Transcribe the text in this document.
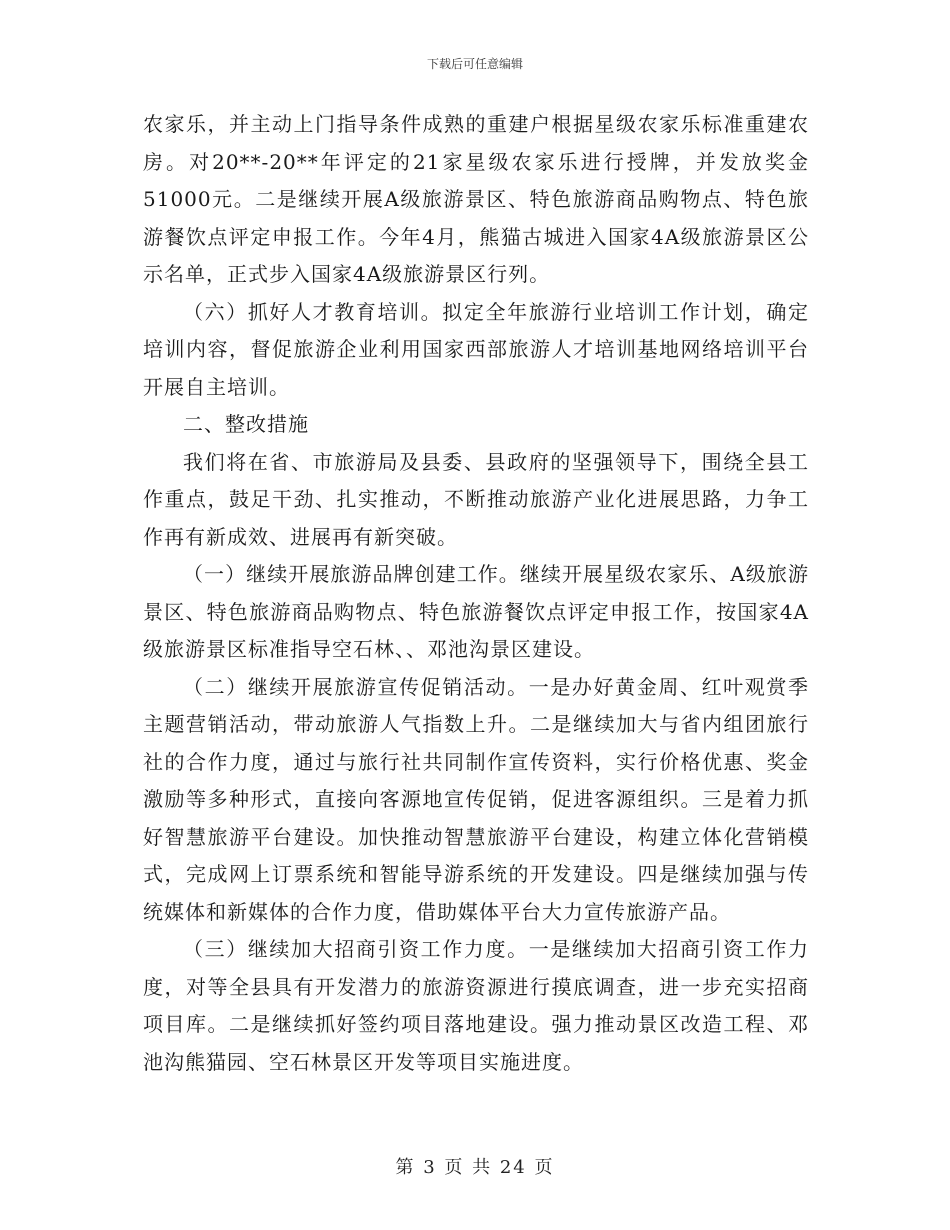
下载后可任意编辑

农家乐，并主动上门指导条件成熟的重建户根据星级农家乐标准重建农房。对20**-20**年评定的21家星级农家乐进行授牌，并发放奖金51000元。二是继续开展A级旅游景区、特色旅游商品购物点、特色旅游餐饮点评定申报工作。今年4月，熊猫古城进入国家4A级旅游景区公示名单，正式步入国家4A级旅游景区行列。

（六）抓好人才教育培训。拟定全年旅游行业培训工作计划，确定培训内容，督促旅游企业利用国家西部旅游人才培训基地网络培训平台开展自主培训。

二、整改措施

我们将在省、市旅游局及县委、县政府的坚强领导下，围绕全县工作重点，鼓足干劲、扎实推动，不断推动旅游产业化进展思路，力争工作再有新成效、进展再有新突破。

（一）继续开展旅游品牌创建工作。继续开展星级农家乐、A级旅游景区、特色旅游商品购物点、特色旅游餐饮点评定申报工作，按国家4A级旅游景区标准指导空石林、、邓池沟景区建设。

（二）继续开展旅游宣传促销活动。一是办好黄金周、红叶观赏季主题营销活动，带动旅游人气指数上升。二是继续加大与省内组团旅行社的合作力度，通过与旅行社共同制作宣传资料，实行价格优惠、奖金激励等多种形式，直接向客源地宣传促销，促进客源组织。三是着力抓好智慧旅游平台建设。加快推动智慧旅游平台建设，构建立体化营销模式，完成网上订票系统和智能导游系统的开发建设。四是继续加强与传统媒体和新媒体的合作力度，借助媒体平台大力宣传旅游产品。

（三）继续加大招商引资工作力度。一是继续加大招商引资工作力度，对等全县具有开发潜力的旅游资源进行摸底调查，进一步充实招商项目库。二是继续抓好签约项目落地建设。强力推动景区改造工程、邓池沟熊猫园、空石林景区开发等项目实施进度。

第 3 页 共 24 页
